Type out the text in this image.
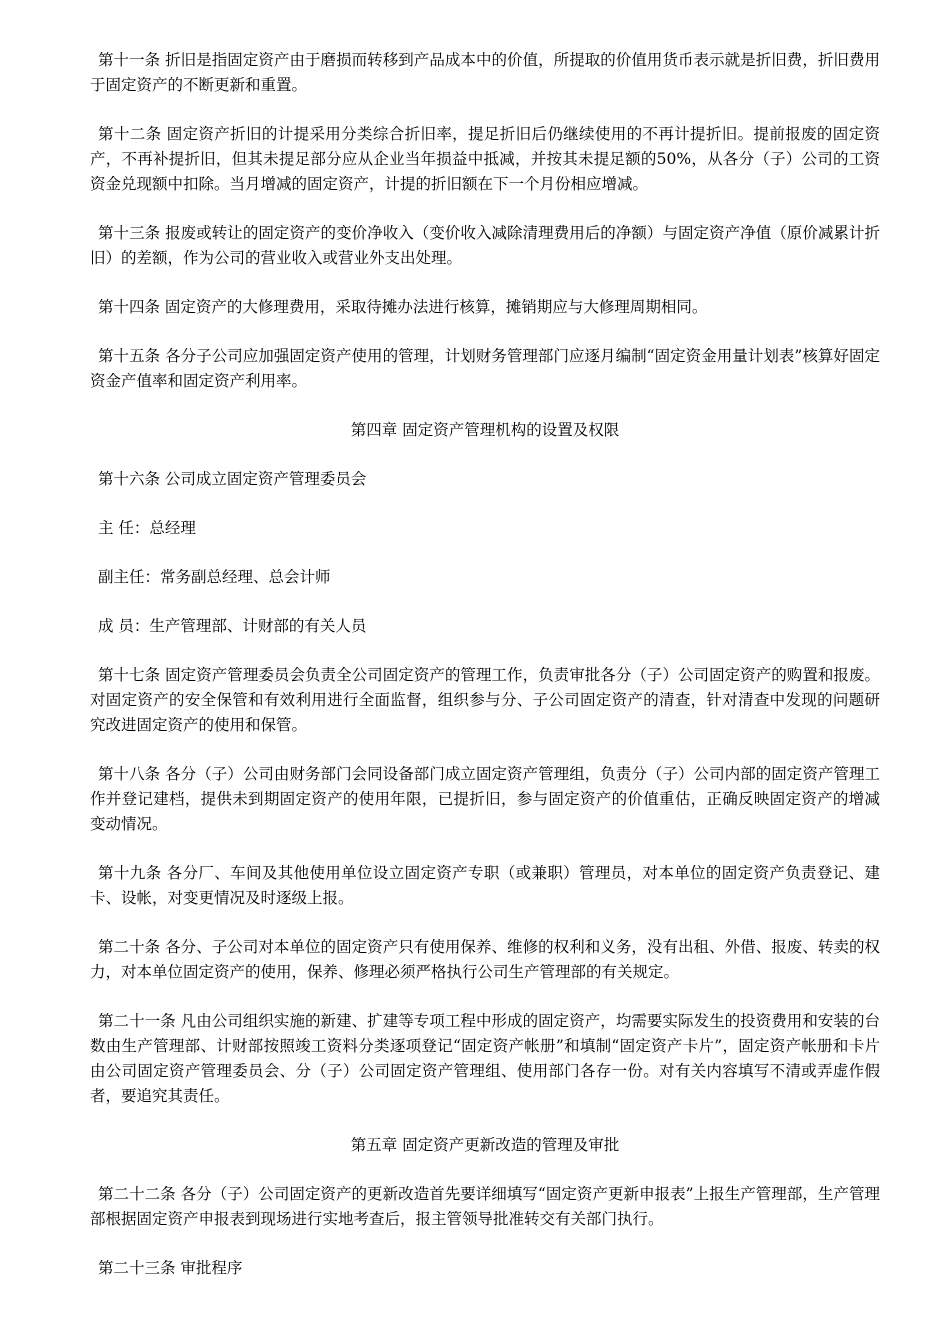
第十一条 折旧是指固定资产由于磨损而转移到产品成本中的价值，所提取的价值用货币表示就是折旧费，折旧费用于固定资产的不断更新和重置。

第十二条 固定资产折旧的计提采用分类综合折旧率，提足折旧后仍继续使用的不再计提折旧。提前报废的固定资产，不再补提折旧，但其未提足部分应从企业当年损益中抵减，并按其未提足额的50%，从各分（子）公司的工资资金兑现额中扣除。当月增减的固定资产，计提的折旧额在下一个月份相应增减。

第十三条 报废或转让的固定资产的变价净收入（变价收入减除清理费用后的净额）与固定资产净值（原价减累计折旧）的差额，作为公司的营业收入或营业外支出处理。

第十四条 固定资产的大修理费用，采取待摊办法进行核算，摊销期应与大修理周期相同。

第十五条 各分子公司应加强固定资产使用的管理，计划财务管理部门应逐月编制“固定资金用量计划表”核算好固定资金产值率和固定资产利用率。

第四章 固定资产管理机构的设置及权限

第十六条 公司成立固定资产管理委员会

主 任：总经理

副主任：常务副总经理、总会计师

成 员：生产管理部、计财部的有关人员

第十七条 固定资产管理委员会负责全公司固定资产的管理工作，负责审批各分（子）公司固定资产的购置和报废。对固定资产的安全保管和有效利用进行全面监督，组织参与分、子公司固定资产的清查，针对清查中发现的问题研究改进固定资产的使用和保管。

第十八条 各分（子）公司由财务部门会同设备部门成立固定资产管理组，负责分（子）公司内部的固定资产管理工作并登记建档，提供未到期固定资产的使用年限，已提折旧，参与固定资产的价值重估，正确反映固定资产的增减变动情况。

第十九条 各分厂、车间及其他使用单位设立固定资产专职（或兼职）管理员，对本单位的固定资产负责登记、建卡、设帐，对变更情况及时逐级上报。

第二十条 各分、子公司对本单位的固定资产只有使用保养、维修的权利和义务，没有出租、外借、报废、转卖的权力，对本单位固定资产的使用，保养、修理必须严格执行公司生产管理部的有关规定。

第二十一条 凡由公司组织实施的新建、扩建等专项工程中形成的固定资产，均需要实际发生的投资费用和安装的台数由生产管理部、计财部按照竣工资料分类逐项登记“固定资产帐册”和填制“固定资产卡片”，固定资产帐册和卡片由公司固定资产管理委员会、分（子）公司固定资产管理组、使用部门各存一份。对有关内容填写不清或弄虚作假者，要追究其责任。

第五章 固定资产更新改造的管理及审批

第二十二条 各分（子）公司固定资产的更新改造首先要详细填写“固定资产更新申报表”上报生产管理部，生产管理部根据固定资产申报表到现场进行实地考查后，报主管领导批准转交有关部门执行。

第二十三条 审批程序
